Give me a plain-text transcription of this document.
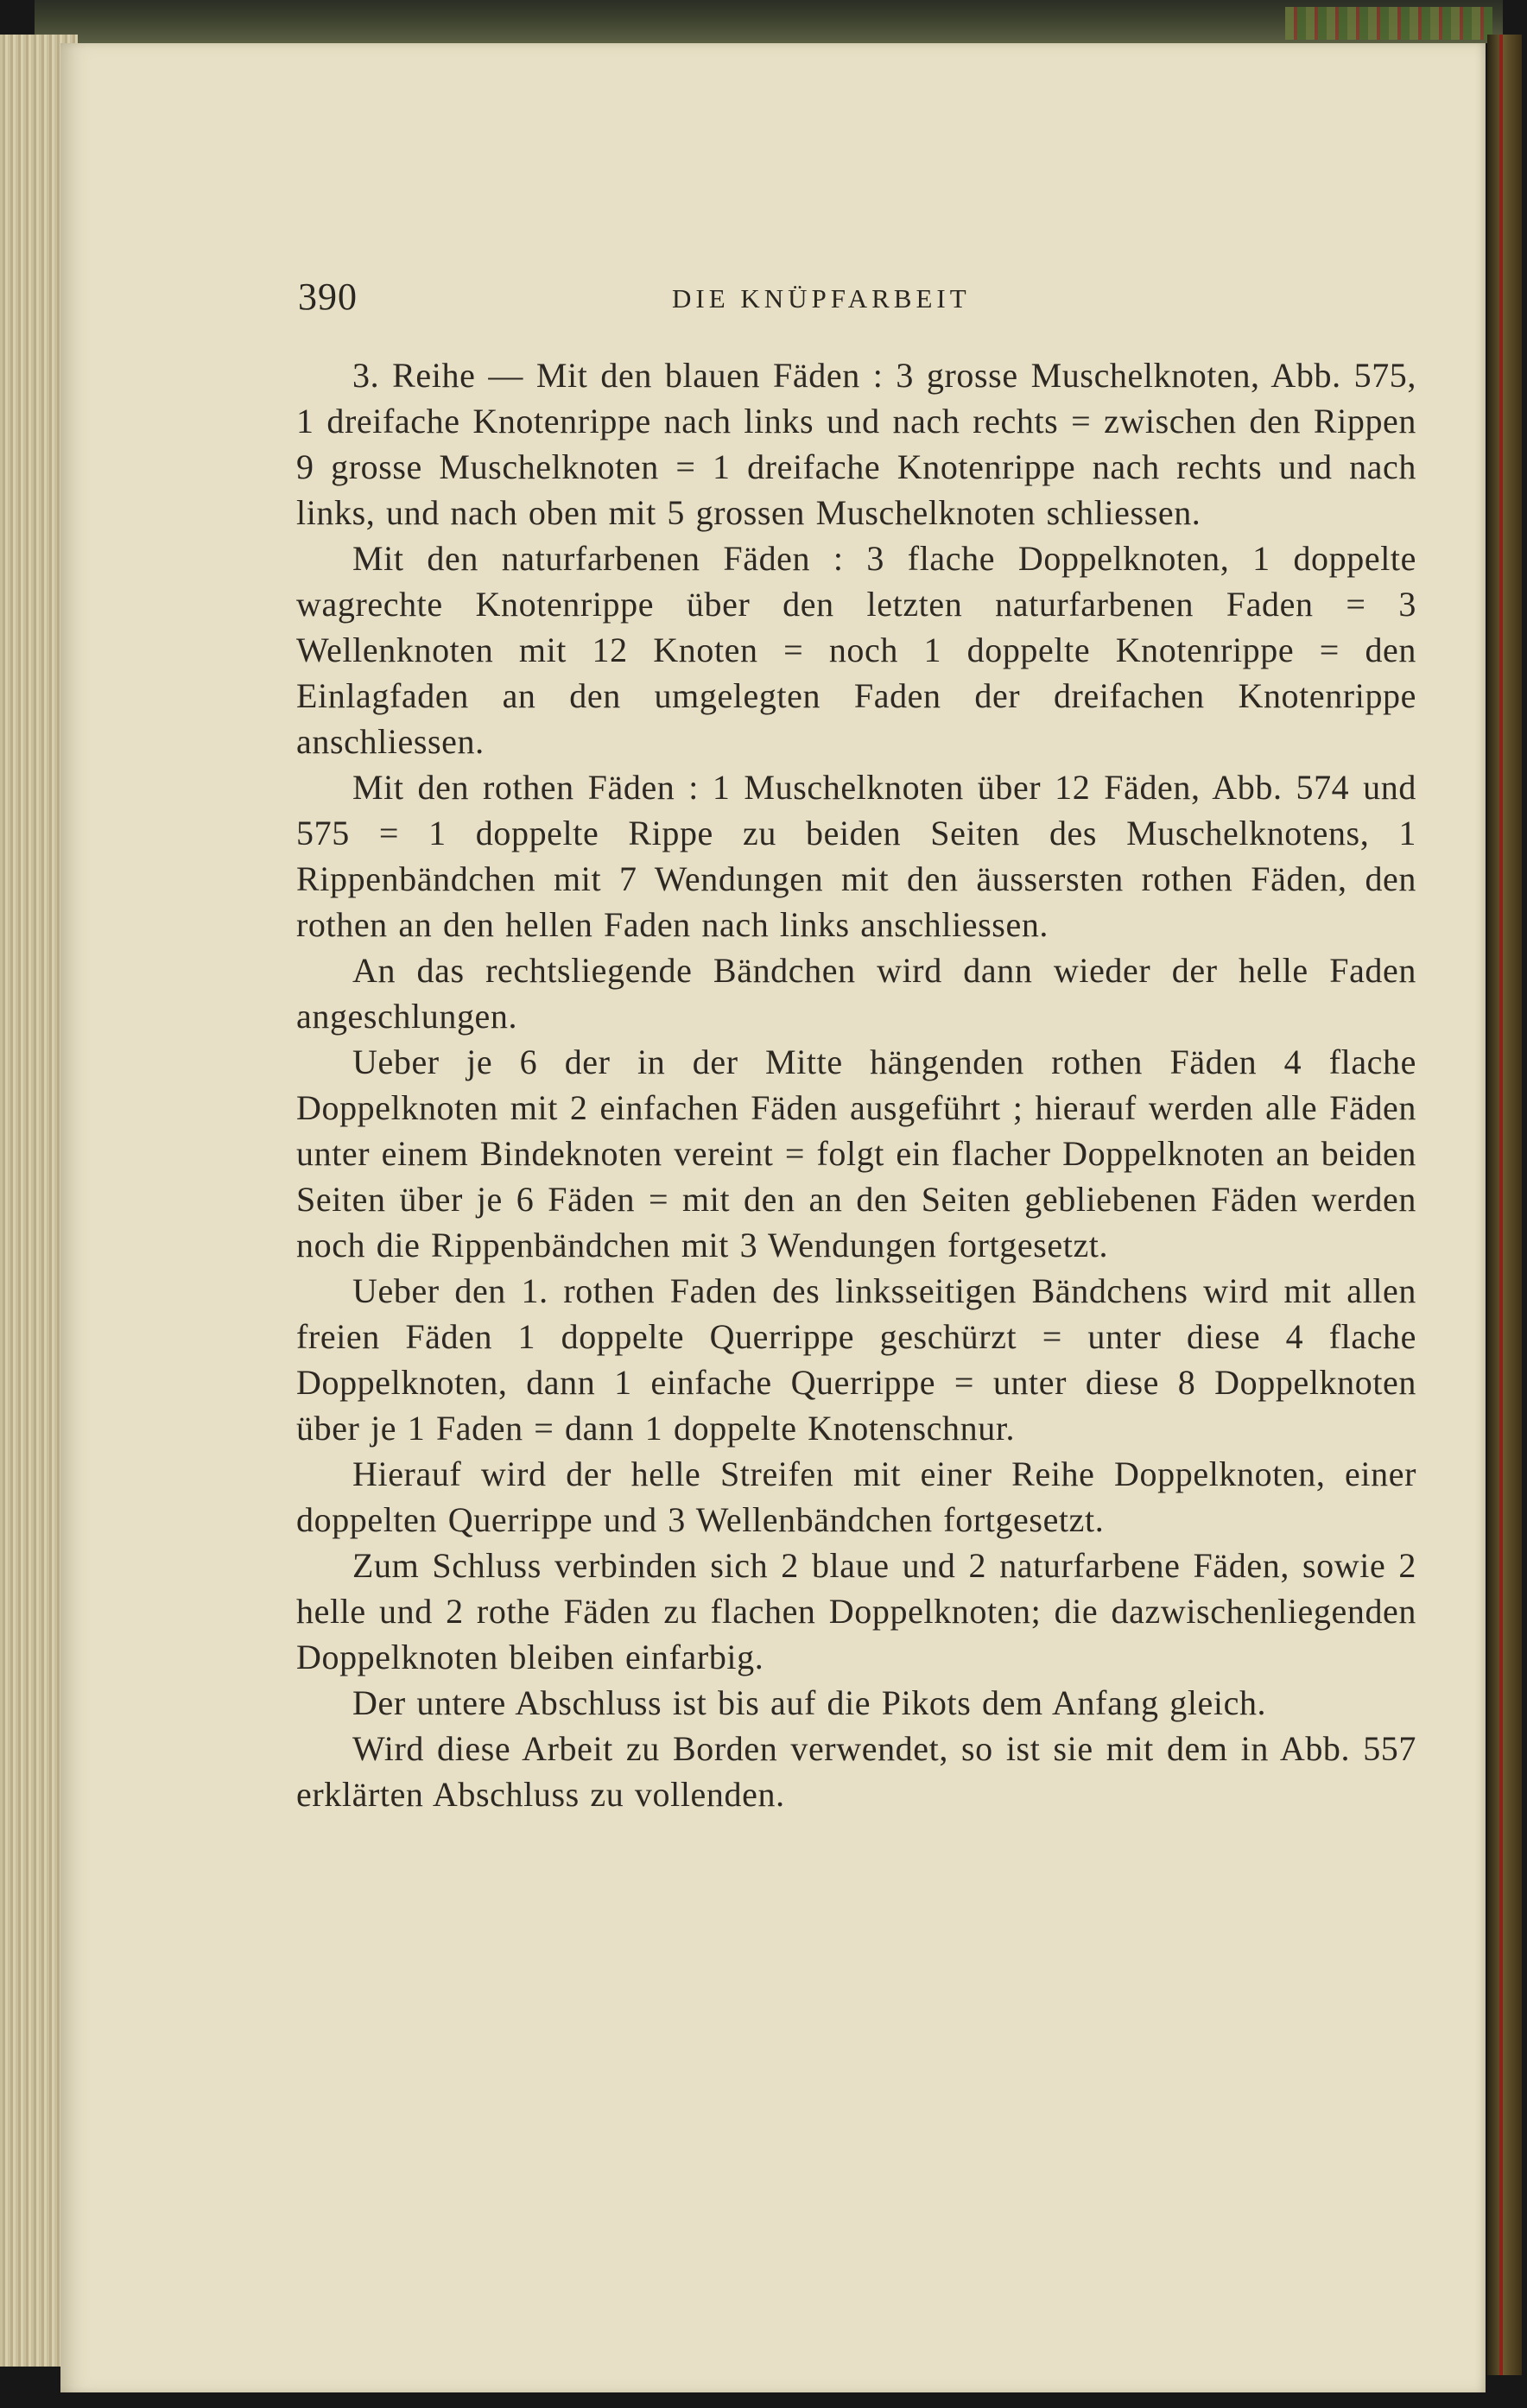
390	DIE KNÜPFARBEIT

3. Reihe — Mit den blauen Fäden : 3 grosse Muschelknoten, Abb. 575, 1 dreifache Knotenrippe nach links und nach rechts = zwischen den Rippen 9 grosse Muschelknoten = 1 dreifache Knotenrippe nach rechts und nach links, und nach oben mit 5 grossen Muschelknoten schliessen.

Mit den naturfarbenen Fäden : 3 flache Doppelknoten, 1 doppelte wagrechte Knotenrippe über den letzten naturfarbenen Faden = 3 Wellenknoten mit 12 Knoten = noch 1 doppelte Knotenrippe = den Einlagfaden an den umgelegten Faden der dreifachen Knotenrippe anschliessen.

Mit den rothen Fäden : 1 Muschelknoten über 12 Fäden, Abb. 574 und 575 = 1 doppelte Rippe zu beiden Seiten des Muschelknotens, 1 Rippenbändchen mit 7 Wendungen mit den äussersten rothen Fäden, den rothen an den hellen Faden nach links anschliessen.

An das rechtsliegende Bändchen wird dann wieder der helle Faden angeschlungen.

Ueber je 6 der in der Mitte hängenden rothen Fäden 4 flache Doppelknoten mit 2 einfachen Fäden ausgeführt ; hierauf werden alle Fäden unter einem Bindeknoten vereint = folgt ein flacher Doppelknoten an beiden Seiten über je 6 Fäden = mit den an den Seiten gebliebenen Fäden werden noch die Rippenbändchen mit 3 Wendungen fortgesetzt.

Ueber den 1. rothen Faden des linksseitigen Bändchens wird mit allen freien Fäden 1 doppelte Querrippe geschürzt = unter diese 4 flache Doppelknoten, dann 1 einfache Querrippe = unter diese 8 Doppelknoten über je 1 Faden = dann 1 doppelte Knotenschnur.

Hierauf wird der helle Streifen mit einer Reihe Doppelknoten, einer doppelten Querrippe und 3 Wellenbändchen fortgesetzt.

Zum Schluss verbinden sich 2 blaue und 2 naturfarbene Fäden, sowie 2 helle und 2 rothe Fäden zu flachen Doppelknoten; die dazwischenliegenden Doppelknoten bleiben einfarbig.

Der untere Abschluss ist bis auf die Pikots dem Anfang gleich.

Wird diese Arbeit zu Borden verwendet, so ist sie mit dem in Abb. 557 erklärten Abschluss zu vollenden.
